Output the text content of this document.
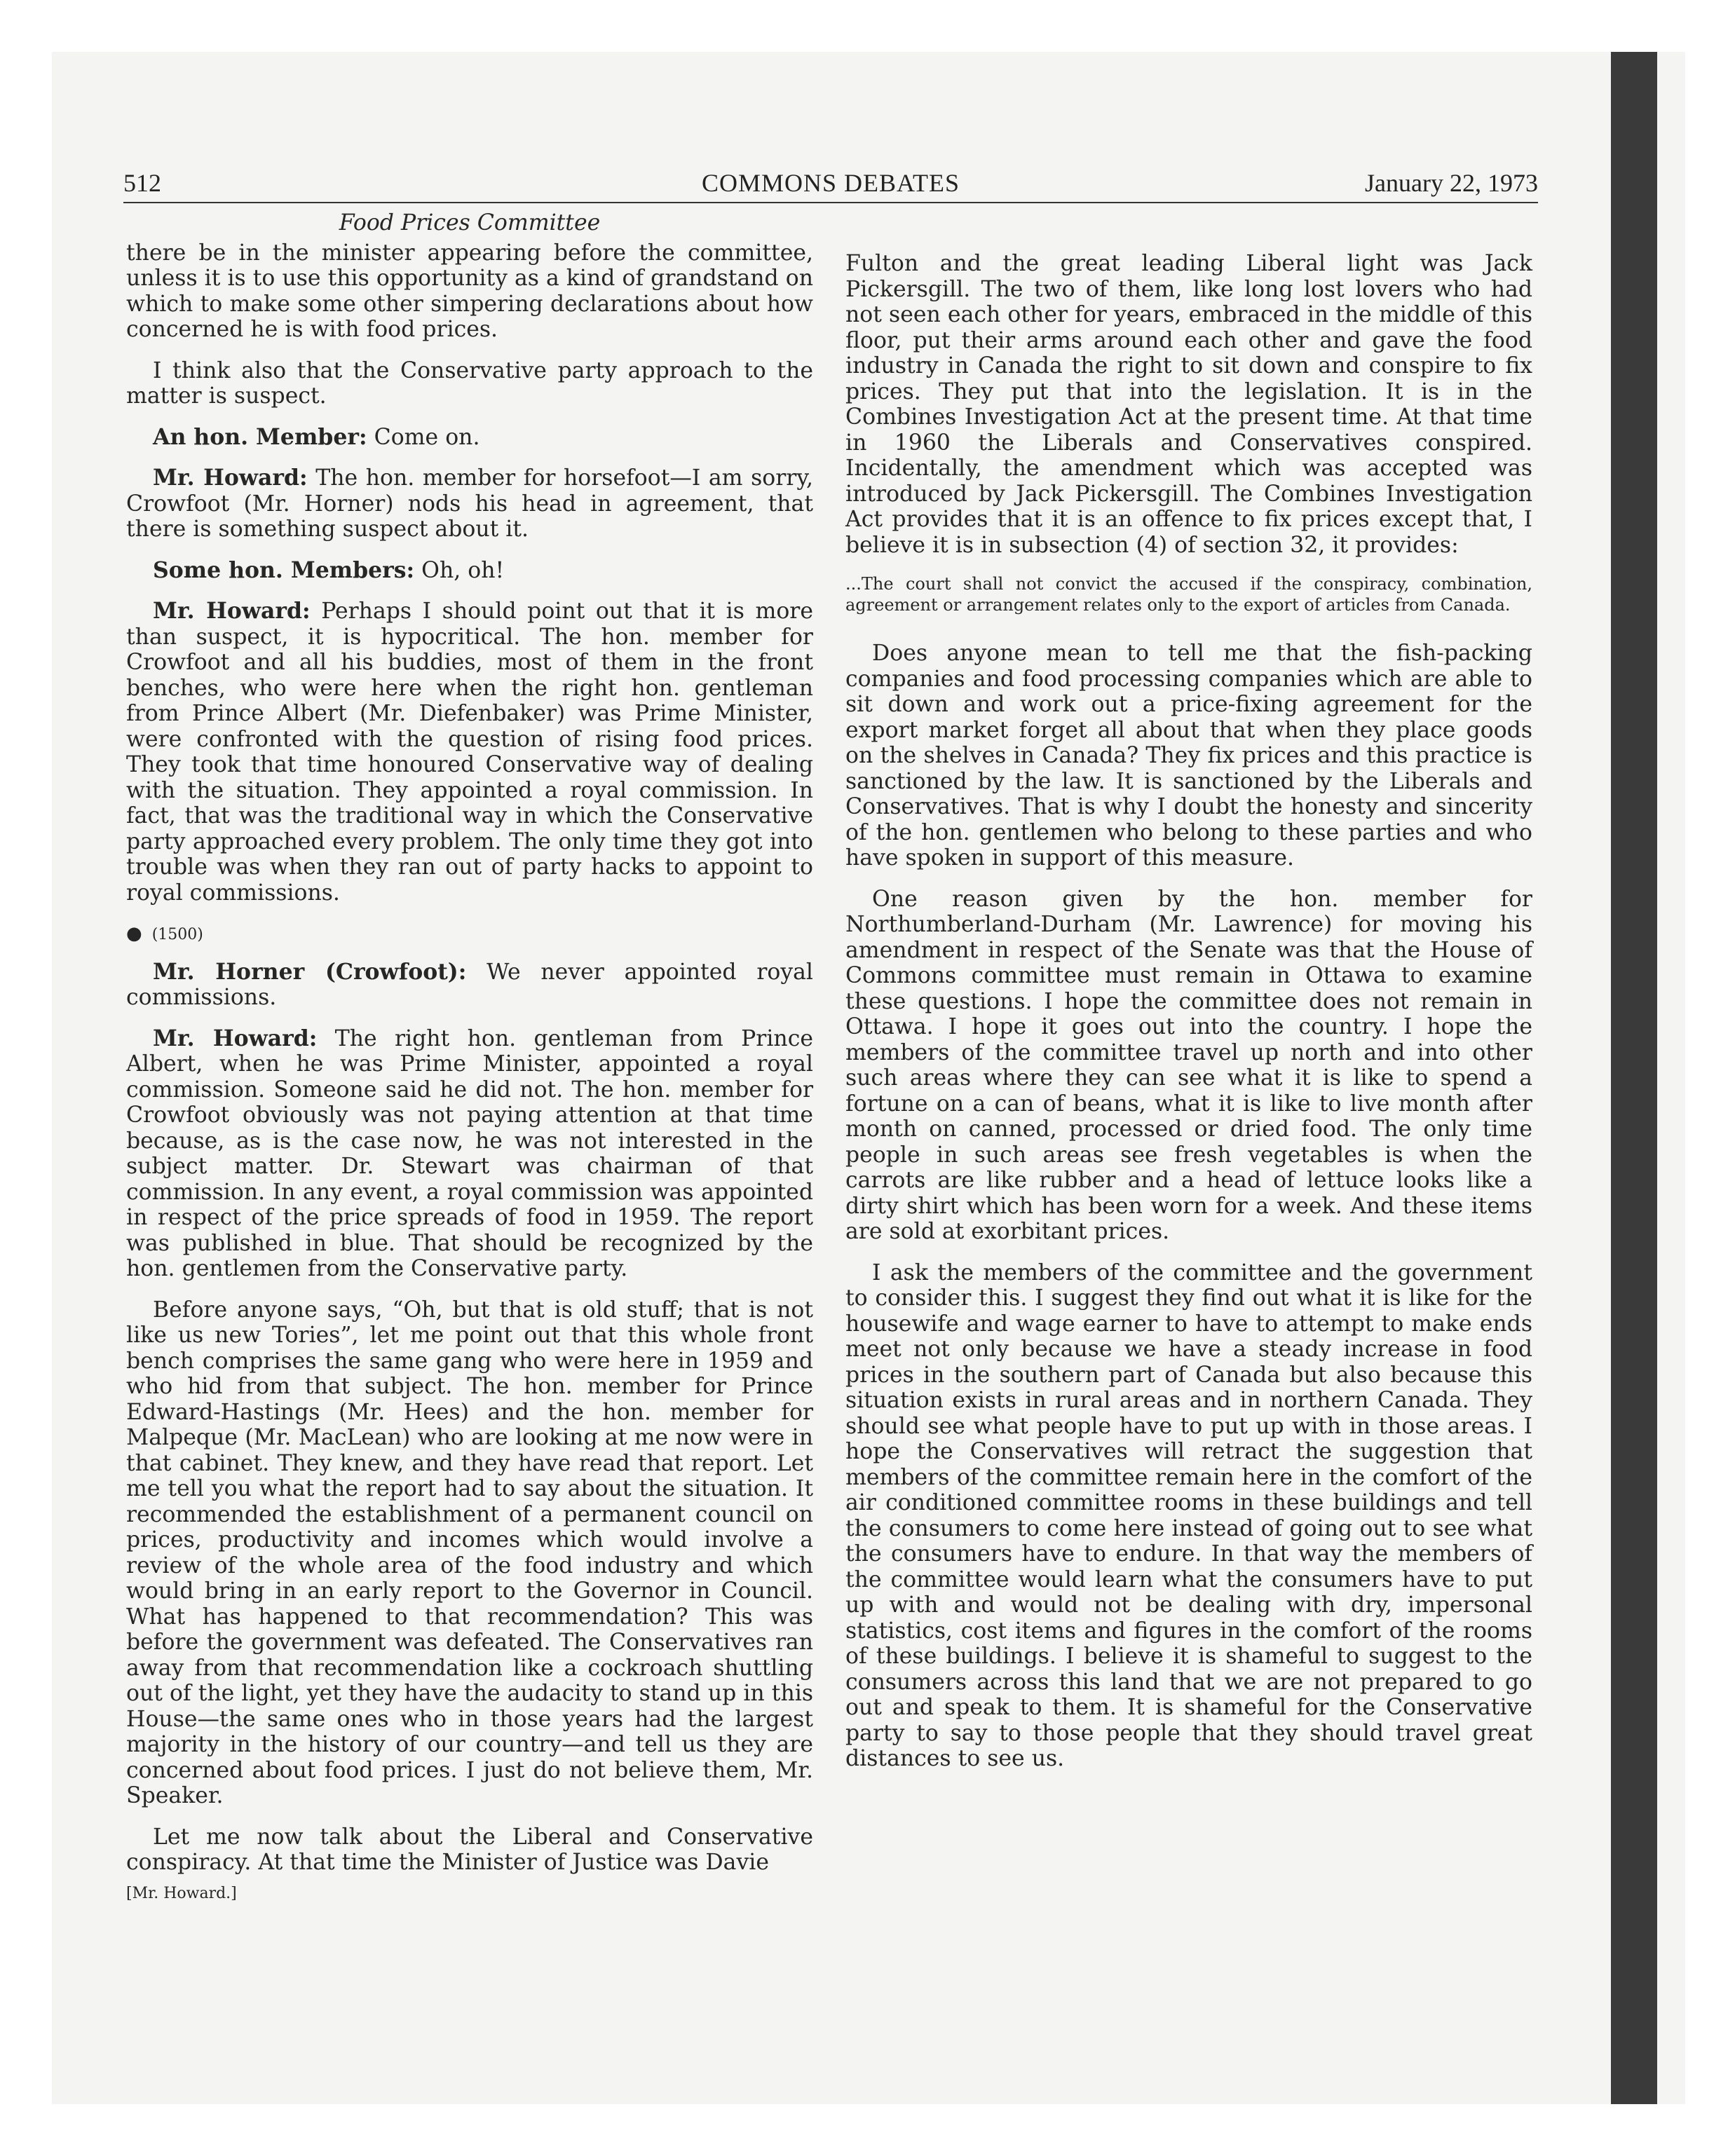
512	COMMONS DEBATES	January 22, 1973

Food Prices Committee

there be in the minister appearing before the committee, unless it is to use this opportunity as a kind of grandstand on which to make some other simpering declarations about how concerned he is with food prices.

I think also that the Conservative party approach to the matter is suspect.

An hon. Member: Come on.

Mr. Howard: The hon. member for horsefoot—I am sorry, Crowfoot (Mr. Horner) nods his head in agreement, that there is something suspect about it.

Some hon. Members: Oh, oh!

Mr. Howard: Perhaps I should point out that it is more than suspect, it is hypocritical. The hon. member for Crowfoot and all his buddies, most of them in the front benches, who were here when the right hon. gentleman from Prince Albert (Mr. Diefenbaker) was Prime Minister, were confronted with the question of rising food prices. They took that time honoured Conservative way of dealing with the situation. They appointed a royal commission. In fact, that was the traditional way in which the Conservative party approached every problem. The only time they got into trouble was when they ran out of party hacks to appoint to royal commissions.

● (1500)

Mr. Horner (Crowfoot): We never appointed royal commissions.

Mr. Howard: The right hon. gentleman from Prince Albert, when he was Prime Minister, appointed a royal commission. Someone said he did not. The hon. member for Crowfoot obviously was not paying attention at that time because, as is the case now, he was not interested in the subject matter. Dr. Stewart was chairman of that commission. In any event, a royal commission was appointed in respect of the price spreads of food in 1959. The report was published in blue. That should be recognized by the hon. gentlemen from the Conservative party.

Before anyone says, “Oh, but that is old stuff; that is not like us new Tories”, let me point out that this whole front bench comprises the same gang who were here in 1959 and who hid from that subject. The hon. member for Prince Edward-Hastings (Mr. Hees) and the hon. member for Malpeque (Mr. MacLean) who are looking at me now were in that cabinet. They knew, and they have read that report. Let me tell you what the report had to say about the situation. It recommended the establishment of a permanent council on prices, productivity and incomes which would involve a review of the whole area of the food industry and which would bring in an early report to the Governor in Council. What has happened to that recommendation? This was before the government was defeated. The Conservatives ran away from that recommendation like a cockroach shuttling out of the light, yet they have the audacity to stand up in this House—the same ones who in those years had the largest majority in the history of our country—and tell us they are concerned about food prices. I just do not believe them, Mr. Speaker.

Let me now talk about the Liberal and Conservative conspiracy. At that time the Minister of Justice was Davie

[Mr. Howard.]

Fulton and the great leading Liberal light was Jack Pickersgill. The two of them, like long lost lovers who had not seen each other for years, embraced in the middle of this floor, put their arms around each other and gave the food industry in Canada the right to sit down and conspire to fix prices. They put that into the legislation. It is in the Combines Investigation Act at the present time. At that time in 1960 the Liberals and Conservatives conspired. Incidentally, the amendment which was accepted was introduced by Jack Pickersgill. The Combines Investigation Act provides that it is an offence to fix prices except that, I believe it is in subsection (4) of section 32, it provides:

...The court shall not convict the accused if the conspiracy, combination, agreement or arrangement relates only to the export of articles from Canada.

Does anyone mean to tell me that the fish-packing companies and food processing companies which are able to sit down and work out a price-fixing agreement for the export market forget all about that when they place goods on the shelves in Canada? They fix prices and this practice is sanctioned by the law. It is sanctioned by the Liberals and Conservatives. That is why I doubt the honesty and sincerity of the hon. gentlemen who belong to these parties and who have spoken in support of this measure.

One reason given by the hon. member for Northumberland-Durham (Mr. Lawrence) for moving his amendment in respect of the Senate was that the House of Commons committee must remain in Ottawa to examine these questions. I hope the committee does not remain in Ottawa. I hope it goes out into the country. I hope the members of the committee travel up north and into other such areas where they can see what it is like to spend a fortune on a can of beans, what it is like to live month after month on canned, processed or dried food. The only time people in such areas see fresh vegetables is when the carrots are like rubber and a head of lettuce looks like a dirty shirt which has been worn for a week. And these items are sold at exorbitant prices.

I ask the members of the committee and the government to consider this. I suggest they find out what it is like for the housewife and wage earner to have to attempt to make ends meet not only because we have a steady increase in food prices in the southern part of Canada but also because this situation exists in rural areas and in northern Canada. They should see what people have to put up with in those areas. I hope the Conservatives will retract the suggestion that members of the committee remain here in the comfort of the air conditioned committee rooms in these buildings and tell the consumers to come here instead of going out to see what the consumers have to endure. In that way the members of the committee would learn what the consumers have to put up with and would not be dealing with dry, impersonal statistics, cost items and figures in the comfort of the rooms of these buildings. I believe it is shameful to suggest to the consumers across this land that we are not prepared to go out and speak to them. It is shameful for the Conservative party to say to those people that they should travel great distances to see us.
